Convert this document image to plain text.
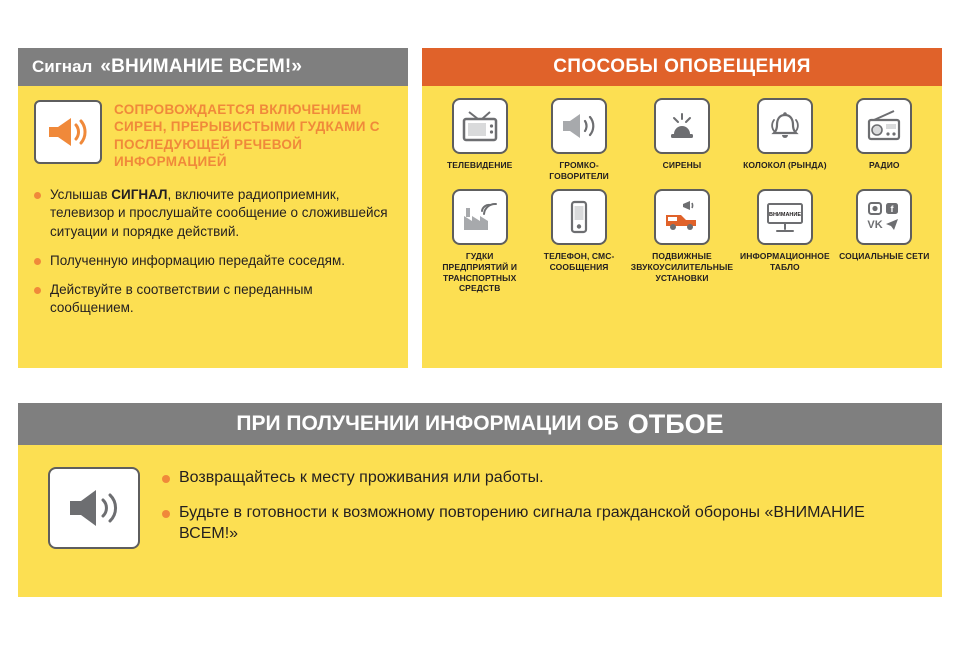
Сигнал «ВНИМАНИЕ ВСЕМ!»
СОПРОВОЖДАЕТСЯ ВКЛЮЧЕНИЕМ СИРЕН, ПРЕРЫВИСТЫМИ ГУДКАМИ С ПОСЛЕДУЮЩЕЙ РЕЧЕВОЙ ИНФОРМАЦИЕЙ
Услышав СИГНАЛ, включите радиоприемник, телевизор и прослушайте сообщение о сложившейся ситуации и порядке действий.
Полученную информацию передайте соседям.
Действуйте в соответствии с переданным сообщением.
СПОСОБЫ ОПОВЕЩЕНИЯ
ТЕЛЕВИДЕНИЕ	ГРОМКО-ГОВОРИТЕЛИ
СИРЕНЫ	КОЛОКОЛ (РЫНДА)	РАДИО
ГУДКИ ПРЕДПРИЯТИЙ И ТРАНСПОРТНЫХ СРЕДСТВ
ТЕЛЕФОН, СМС-СООБЩЕНИЯ
ПОДВИЖНЫЕ ЗВУКОУСИЛИТЕЛЬНЫЕ УСТАНОВКИ
ВНИМАНИЕ
ИНФОРМАЦИОННОЕ ТАБЛО
f
VK
СОЦИАЛЬНЫЕ СЕТИ
ПРИ ПОЛУЧЕНИИ ИНФОРМАЦИИ ОБ ОТБОЕ
Возвращайтесь к месту проживания или работы.
Будьте в готовности к возможному повторению сигнала гражданской обороны «ВНИМАНИЕ ВСЕМ!»
